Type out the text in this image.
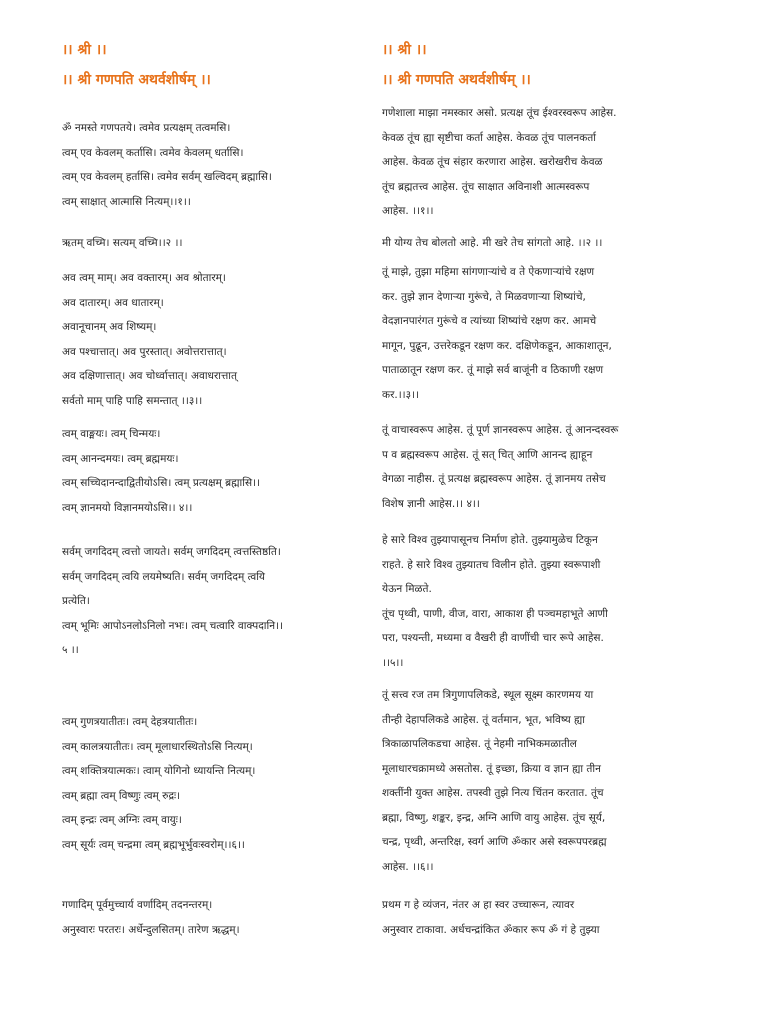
।। श्री ।।
।। श्री गणपति अथर्वशीर्षम् ।।
ॐ नमस्ते गणपतये। त्वमेव प्रत्यक्षम् तत्वमसि।
त्वम् एव केवलम् कर्तासि। त्वमेव केवलम् धर्तासि।
त्वम् एव केवलम् हर्तासि। त्वमेव सर्वम् खल्विदम् ब्रह्मासि।
त्वम् साक्षात् आत्मासि नित्यम्।।१।।
ऋतम् वच्मि। सत्यम् वच्मि।।२ ।।
अव त्वम् माम्। अव वक्तारम्। अव श्रोतारम्।
अव दातारम्। अव धातारम्।
अवानूचानम् अव शिष्यम्।
अव पश्चात्तात्। अव पुरस्तात्। अवोत्तरात्तात्।
अव दक्षिणात्तात्। अव चोर्ध्वात्तात्। अवाधरात्तात्
सर्वतो माम् पाहि पाहि समन्तात् ।।३।।
त्वम् वाङ्मयः। त्वम् चिन्मयः।
त्वम् आनन्दमयः। त्वम् ब्रह्ममयः।
त्वम् सच्चिदानन्दाद्वितीयोऽसि। त्वम् प्रत्यक्षम् ब्रह्मासि।।
त्वम् ज्ञानमयो विज्ञानमयोऽसि।। ४।।
सर्वम् जगदिदम् त्वत्तो जायते। सर्वम् जगदिदम् त्वत्तस्तिष्ठति।
सर्वम् जगदिदम् त्वयि लयमेष्यति। सर्वम् जगदिदम् त्वयि
प्रत्येति।
त्वम् भूमिः आपोऽनलोऽनिलो नभः। त्वम् चत्वारि वाक्पदानि।।
५ ।।
त्वम् गुणत्रयातीतः। त्वम् देहत्रयातीतः।
त्वम् कालत्रयातीतः। त्वम् मूलाधारस्थितोऽसि नित्यम्।
त्वम् शक्तित्रयात्मकः। त्वाम् योगिनो ध्यायन्ति नित्यम्।
त्वम् ब्रह्मा त्वम् विष्णुः त्वम् रुद्रः।
त्वम् इन्द्रः त्वम् अग्निः त्वम् वायुः।
त्वम् सूर्यः त्वम् चन्द्रमा त्वम् ब्रह्मभूर्भुवःस्वरोम्।।६।।
गणादिम् पूर्वमुच्चार्य वर्णादिम् तदनन्तरम्।
अनुस्वारः परतरः। अर्धेन्दुलसितम्। तारेण ऋद्धम्।
।। श्री ।।
।। श्री गणपति अथर्वशीर्षम् ।।
गणेशाला माझा नमस्कार असो. प्रत्यक्ष तूंच ईश्वरस्वरूप आहेस.
केवळ तूंच ह्या सृष्टीचा कर्ता आहेस. केवळ तूंच पालनकर्ता
आहेस. केवळ तूंच संहार करणारा आहेस. खरोखरीच केवळ
तूंच ब्रह्मतत्त्व आहेस. तूंच साक्षात अविनाशी आत्मस्वरूप
आहेस. ।।१।।
मी योग्य तेच बोलतो आहे. मी खरे तेच सांगतो आहे. ।।२ ।।
तूं माझे, तुझा महिमा सांगणाऱ्यांचे व ते ऐकणाऱ्यांचे रक्षण
कर. तुझे ज्ञान देणाऱ्या गुरूंचे, ते मिळवणाऱ्या शिष्यांचे,
वेदज्ञानपारंगत गुरूंचे व त्यांच्या शिष्यांचे रक्षण कर. आमचे
मागून, पुढून, उत्तरेकडून रक्षण कर. दक्षिणेकडून, आकाशातून,
पाताळातून रक्षण कर. तूं माझे सर्व बाजूंनी व ठिकाणी रक्षण
कर.।।३।।
तूं वाचास्वरूप आहेस. तूं पूर्ण ज्ञानस्वरूप आहेस. तूं आनन्दस्वरू
प व ब्रह्मस्वरूप आहेस. तूं सत् चित् आणि आनन्द ह्याहून
वेगळा नाहीस. तूं प्रत्यक्ष ब्रह्मस्वरूप आहेस. तूं ज्ञानमय तसेच
विशेष ज्ञानी आहेस.।। ४।।
हे सारे विश्व तुझ्यापासूनच निर्माण होते. तुझ्यामुळेच टिकून
राहते. हे सारे विश्व तुझ्यातच विलीन होते. तुझ्या स्वरूपाशी
येऊन मिळते.
तूंच पृथ्वी, पाणी, वीज, वारा, आकाश ही पञ्चमहाभूते आणी
परा, पश्यन्ती, मध्यमा व वैखरी ही वाणींची चार रूपे आहेस.
।।५।।
तूं सत्त्व रज तम त्रिगुणापलिकडे, स्थूल सूक्ष्म कारणमय या
तीन्ही देहापलिकडे आहेस. तूं वर्तमान, भूत, भविष्य ह्या
त्रिकाळापलिकडचा आहेस. तूं नेहमी नाभिकमळातील
मूलाधारचक्रामध्ये असतोस. तूं इच्छा, क्रिया व ज्ञान ह्या तीन
शक्तींनी युक्त आहेस. तपस्वी तुझे नित्य चिंतन करतात. तूंच
ब्रह्मा, विष्णु, शङ्कर, इन्द्र, अग्नि आणि वायु आहेस. तूंच सूर्य,
चन्द्र, पृथ्वी, अन्तरिक्ष, स्वर्ग आणि ॐकार असे स्वरूपपरब्रह्म
आहेस. ।।६।।
प्रथम ग हे व्यंजन, नंतर अ हा स्वर उच्चारून, त्यावर
अनुस्वार टाकावा. अर्धचन्द्रांकित ॐकार रूप ॐ गं हे तुझ्या
